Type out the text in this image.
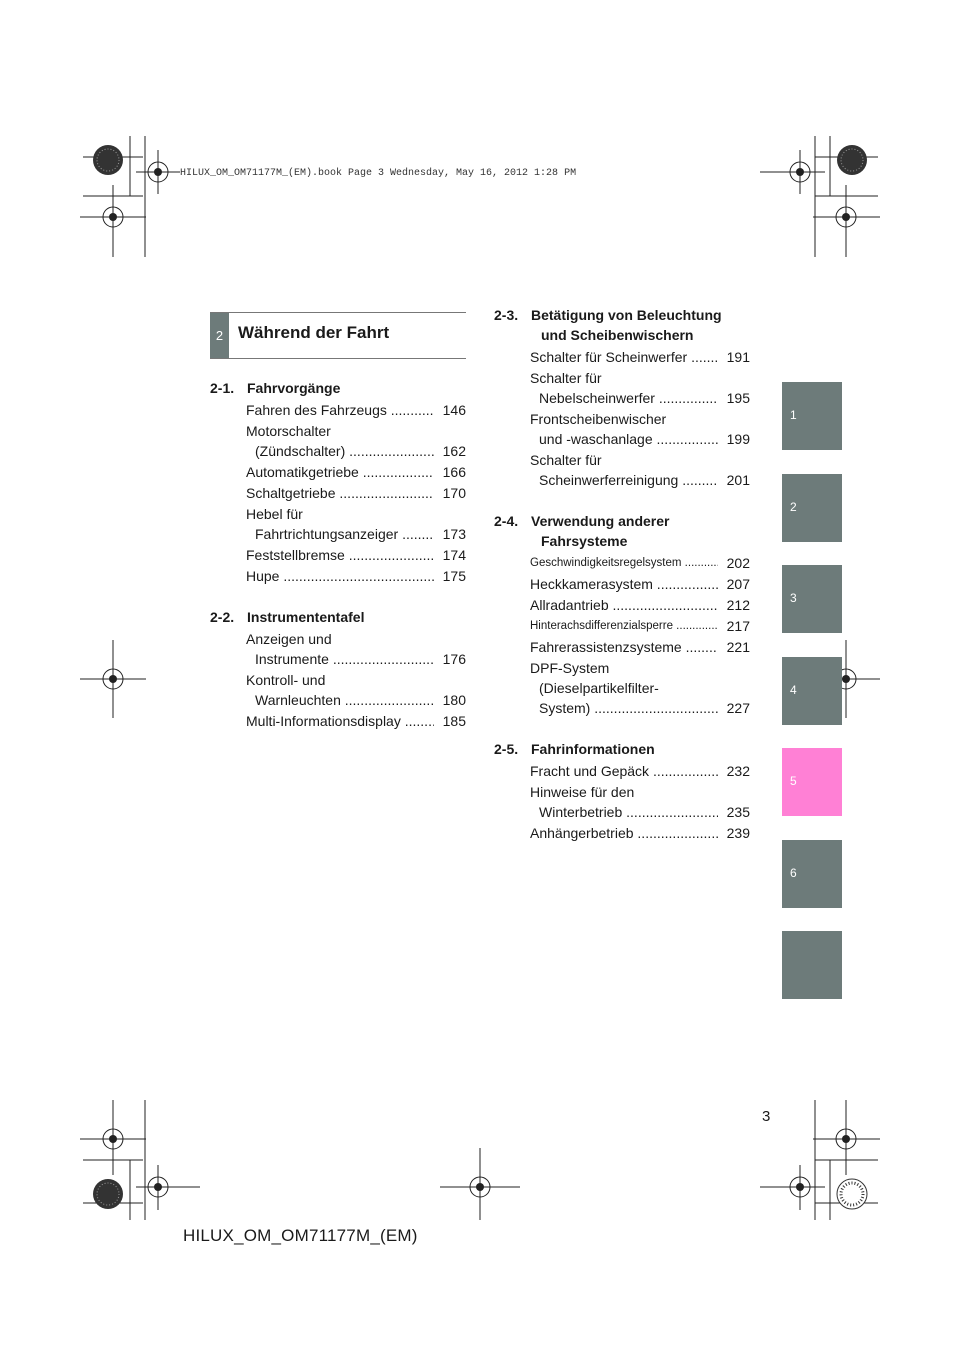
HILUX_OM_OM71177M_(EM).book Page 3 Wednesday, May 16, 2012 1:28 PM
2 Während der Fahrt
2-1. Fahrvorgänge
Fahren des Fahrzeugs .....	146
Motorschalter
(Zündschalter) .....	162
Automatikgetriebe .....	166
Schaltgetriebe .....	170
Hebel für
Fahrtrichtungsanzeiger .....	173
Feststellbremse .....	174
Hupe .....	175
2-2. Instrumententafel
Anzeigen und
Instrumente .....	176
Kontroll- und
Warnleuchten .....	180
Multi-Informationsdisplay .....	185
2-3. Betätigung von Beleuchtung
und Scheibenwischern
Schalter für Scheinwerfer .....	191
Schalter für
Nebelscheinwerfer .....	195
Frontscheibenwischer
und -waschanlage .....	199
Schalter für
Scheinwerferreinigung .....	201
2-4. Verwendung anderer
Fahrsysteme
Geschwindigkeitsregelsystem .....	202
Heckkamerasystem .....	207
Allradantrieb .....	212
Hinterachsdifferenzialsperre .....	217
Fahrerassistenzsysteme .....	221
DPF-System
(Dieselpartikelfilter-
System) .....	227
2-5. Fahrinformationen
Fracht und Gepäck .....	232
Hinweise für den
Winterbetrieb .....	235
Anhängerbetrieb .....	239
1
2
3
4
5
6
3
HILUX_OM_OM71177M_(EM)
